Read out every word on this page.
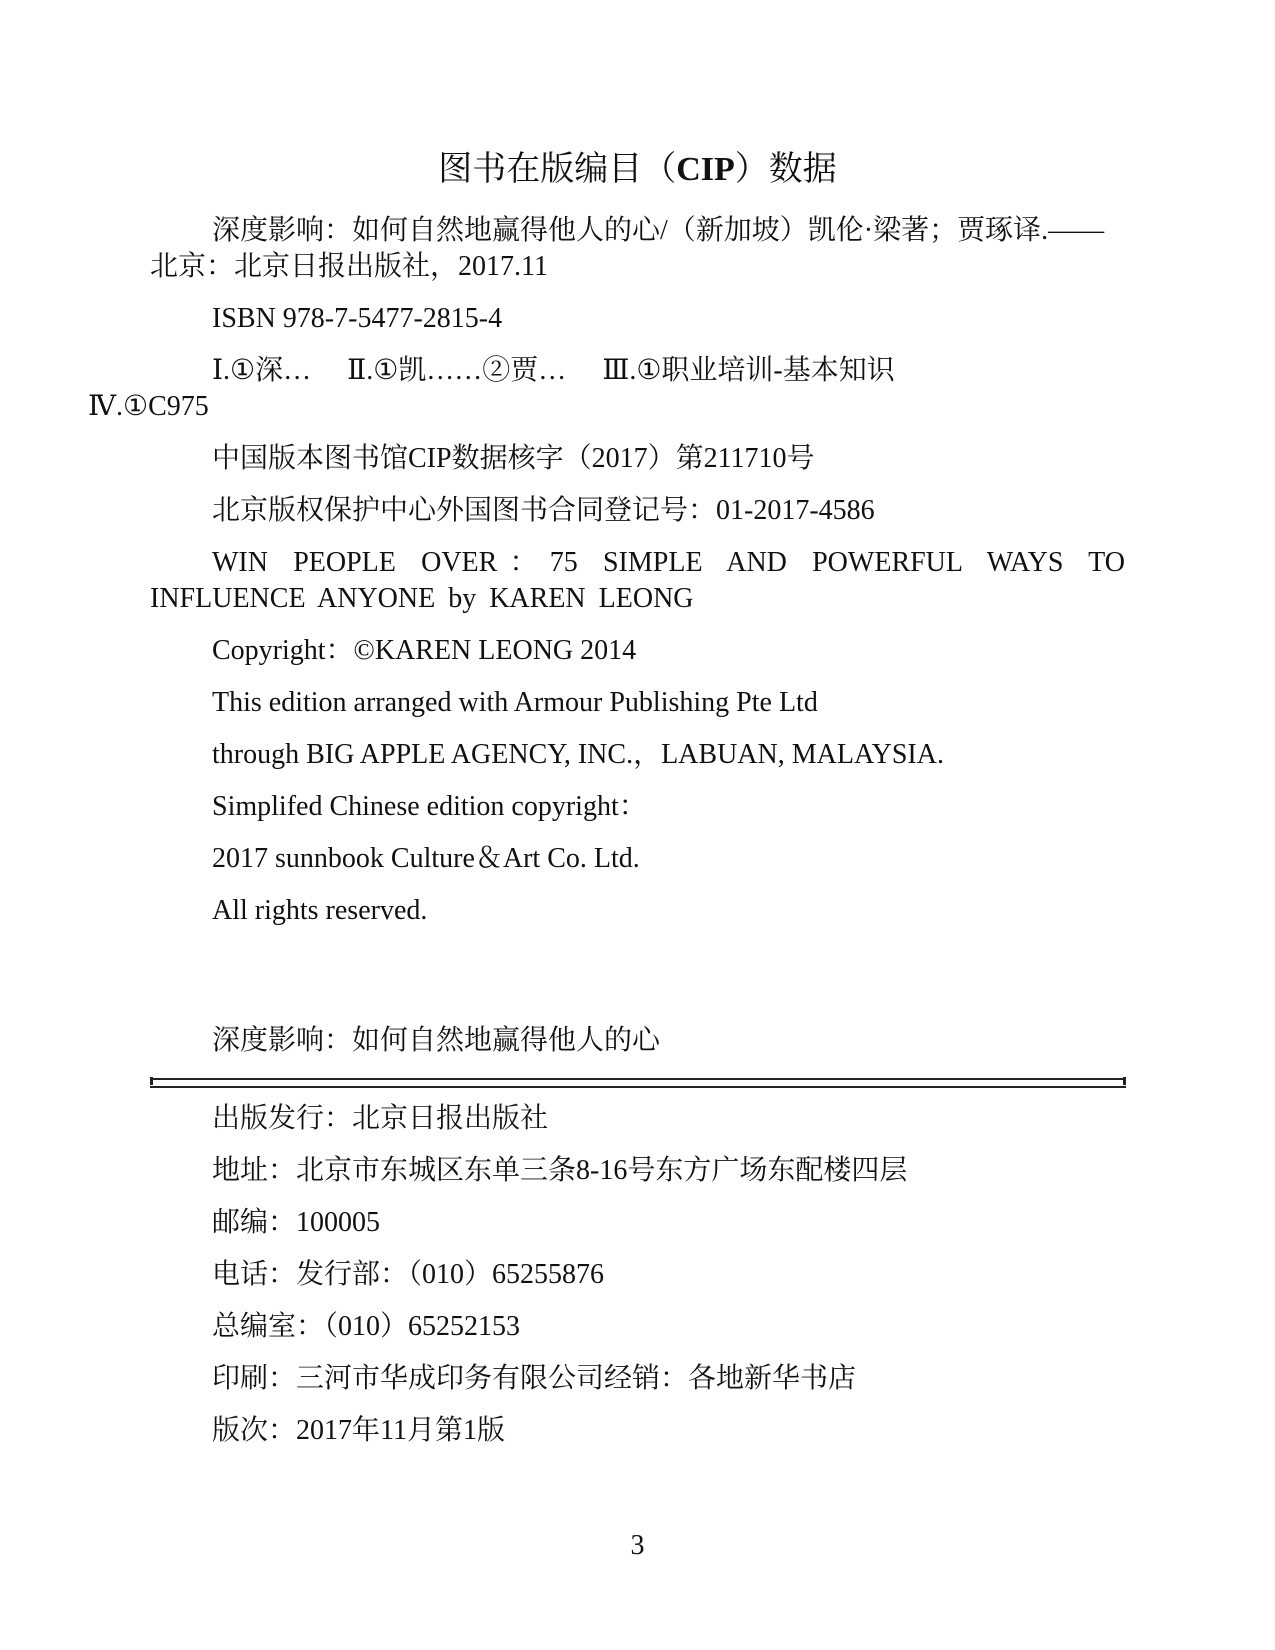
图书在版编目（CIP）数据

深度影响：如何自然地赢得他人的心/（新加坡）凯伦·梁著；贾琢译.——北京：北京日报出版社，2017.11

ISBN 978-7-5477-2815-4

Ⅰ.①深… Ⅱ.①凯……②贾… Ⅲ.①职业培训-基本知识
Ⅳ.①C975

中国版本图书馆CIP数据核字（2017）第211710号

北京版权保护中心外国图书合同登记号：01-2017-4586

WIN PEOPLE OVER：75 SIMPLE AND POWERFUL WAYS TO INFLUENCE ANYONE by KAREN LEONG

Copyright：©KAREN LEONG 2014

This edition arranged with Armour Publishing Pte Ltd

through BIG APPLE AGENCY, INC.，LABUAN, MALAYSIA.

Simplifed Chinese edition copyright：

2017 sunnbook Culture＆Art Co. Ltd.

All rights reserved.

深度影响：如何自然地赢得他人的心

出版发行：北京日报出版社

地址：北京市东城区东单三条8-16号东方广场东配楼四层

邮编：100005

电话：发行部：（010）65255876

总编室：（010）65252153

印刷：三河市华成印务有限公司经销：各地新华书店

版次：2017年11月第1版

3
